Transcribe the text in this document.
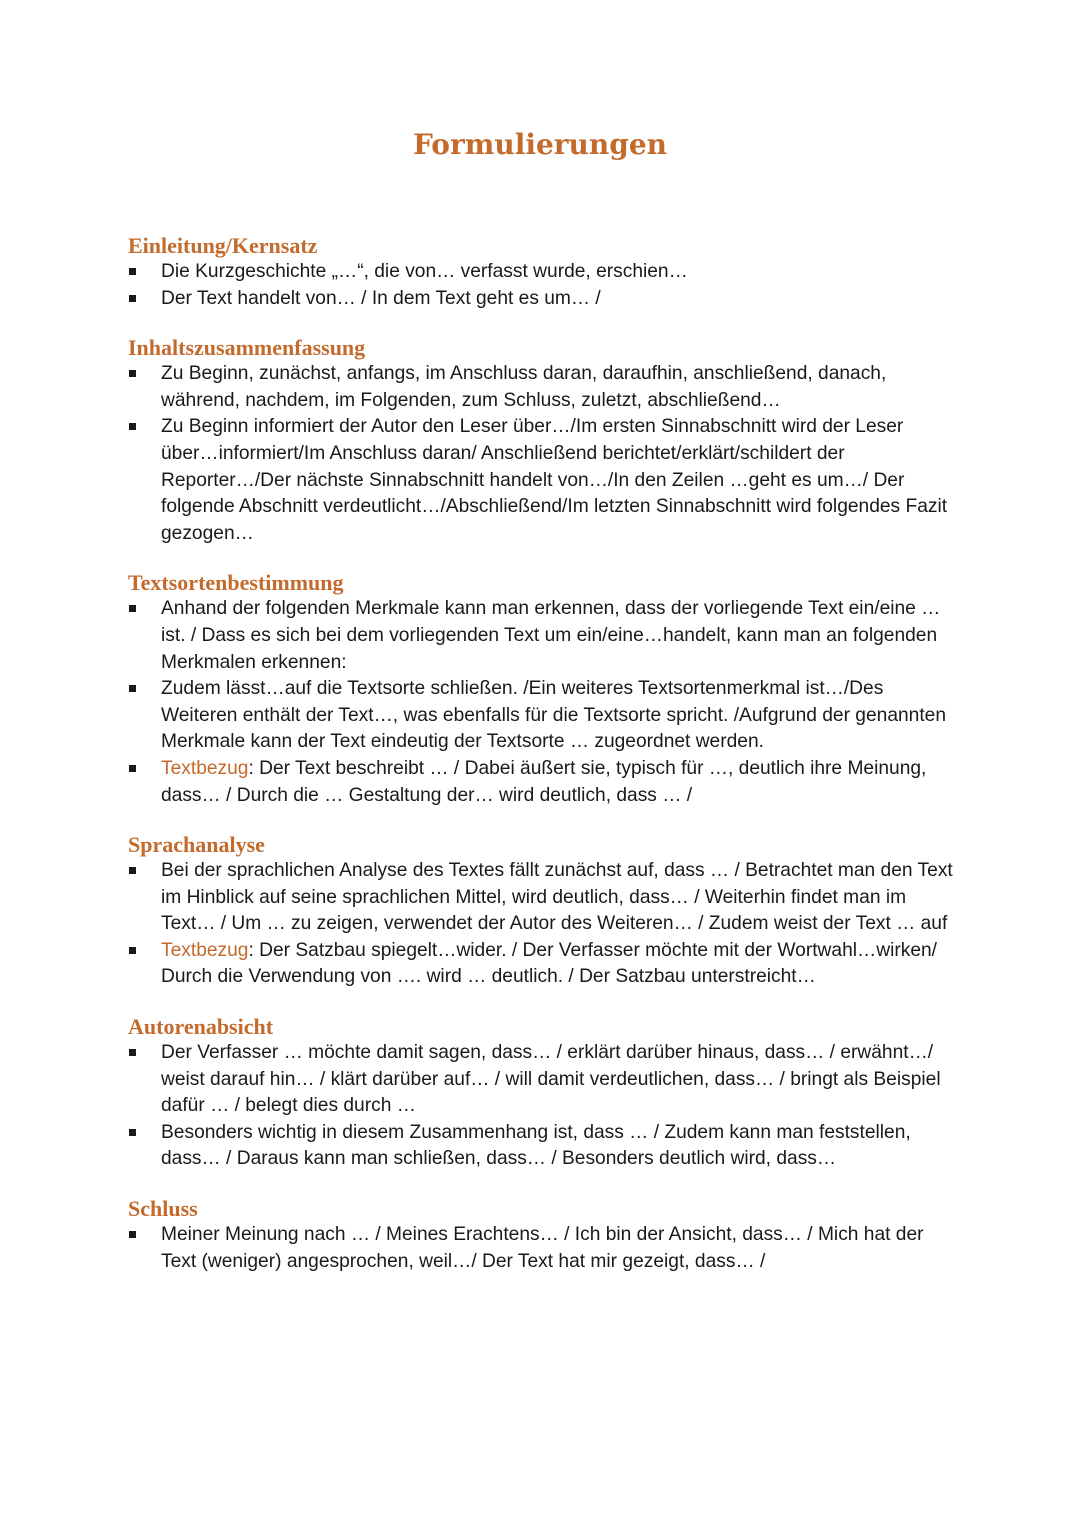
Formulierungen
Einleitung/Kernsatz
Die Kurzgeschichte „…“, die von… verfasst wurde, erschien…
Der Text handelt von… / In dem Text geht es um… /
Inhaltszusammenfassung
Zu Beginn, zunächst, anfangs, im Anschluss daran, daraufhin, anschließend, danach, während, nachdem, im Folgenden, zum Schluss, zuletzt, abschließend…
Zu Beginn informiert der Autor den Leser über…/Im ersten Sinnabschnitt wird der Leser über…informiert/Im Anschluss daran/ Anschließend berichtet/erklärt/schildert der Reporter…/Der nächste Sinnabschnitt handelt von…/In den Zeilen …geht es um…/ Der folgende Abschnitt verdeutlicht…/Abschließend/Im letzten Sinnabschnitt wird folgendes Fazit gezogen…
Textsortenbestimmung
Anhand der folgenden Merkmale kann man erkennen, dass der vorliegende Text ein/eine …ist. / Dass es sich bei dem vorliegenden Text um ein/eine…handelt, kann man an folgenden Merkmalen erkennen:
Zudem lässt…auf die Textsorte schließen. /Ein weiteres Textsortenmerkmal ist…/Des Weiteren enthält der Text…, was ebenfalls für die Textsorte spricht. /Aufgrund der genannten Merkmale kann der Text eindeutig der Textsorte … zugeordnet werden.
Textbezug: Der Text beschreibt … / Dabei äußert sie, typisch für …, deutlich ihre Meinung, dass… / Durch die … Gestaltung der… wird deutlich, dass … /
Sprachanalyse
Bei der sprachlichen Analyse des Textes fällt zunächst auf, dass … / Betrachtet man den Text im Hinblick auf seine sprachlichen Mittel, wird deutlich, dass… / Weiterhin findet man im Text… / Um … zu zeigen, verwendet der Autor des Weiteren… / Zudem weist der Text … auf
Textbezug: Der Satzbau spiegelt…wider. / Der Verfasser möchte mit der Wortwahl…wirken/ Durch die Verwendung von …. wird … deutlich. / Der Satzbau unterstreicht…
Autorenabsicht
Der Verfasser … möchte damit sagen, dass… / erklärt darüber hinaus, dass… / erwähnt…/ weist darauf hin… / klärt darüber auf… / will damit verdeutlichen, dass… / bringt als Beispiel dafür … / belegt dies durch …
Besonders wichtig in diesem Zusammenhang ist, dass … / Zudem kann man feststellen, dass… / Daraus kann man schließen, dass… / Besonders deutlich wird, dass…
Schluss
Meiner Meinung nach … / Meines Erachtens… / Ich bin der Ansicht, dass… / Mich hat der Text (weniger) angesprochen, weil…/ Der Text hat mir gezeigt, dass… /
